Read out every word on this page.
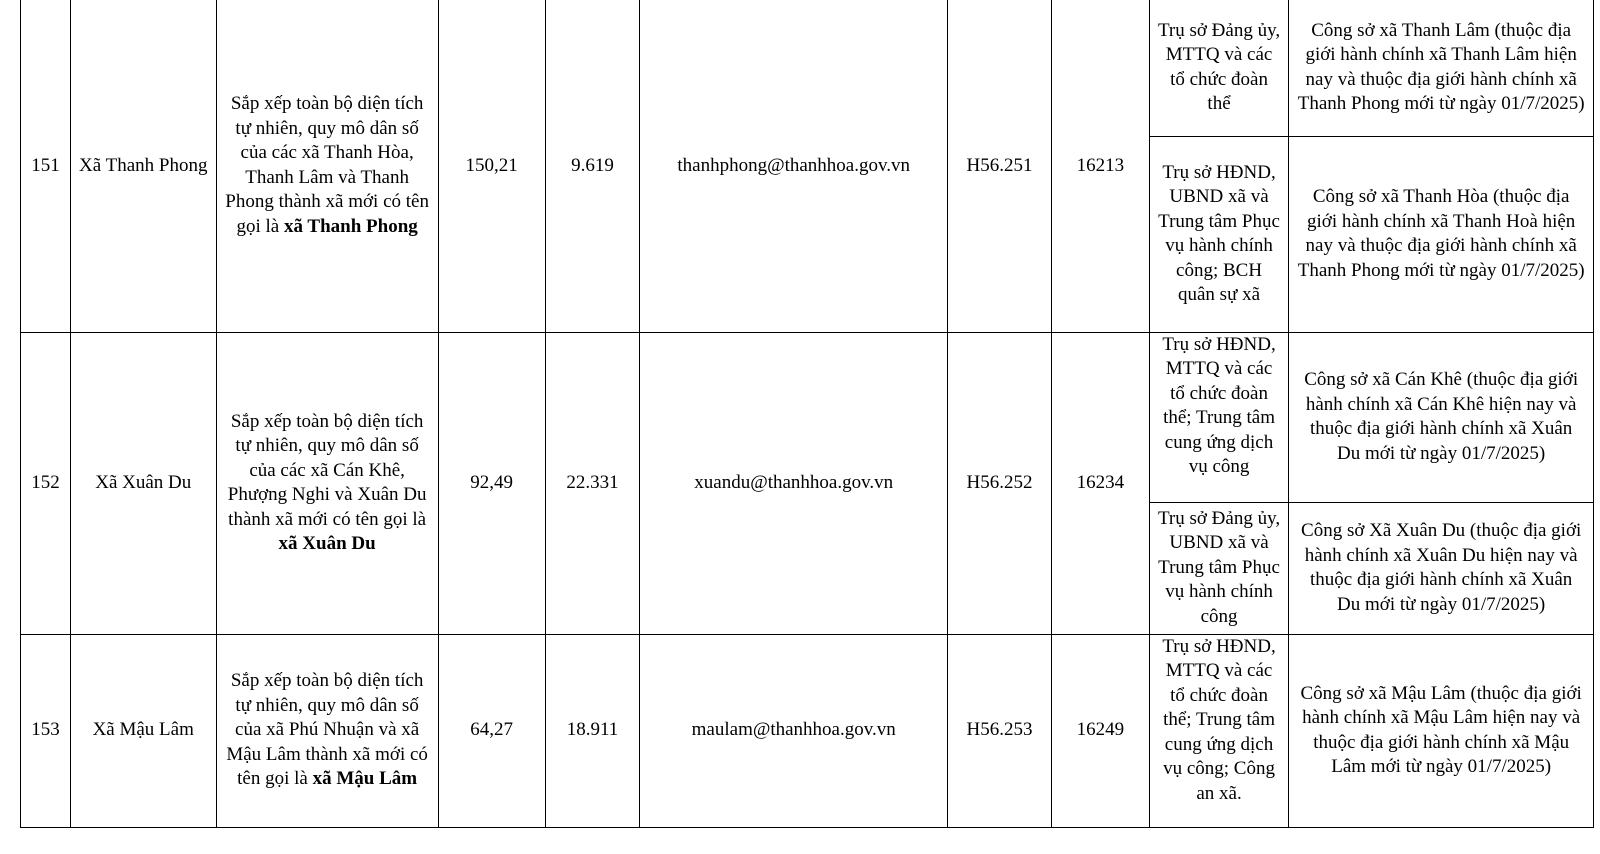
151	Xã Thanh Phong	Sắp xếp toàn bộ diện tích tự nhiên, quy mô dân số của các xã Thanh Hòa, Thanh Lâm và Thanh Phong thành xã mới có tên gọi là xã Thanh Phong	150,21	9.619	thanhphong@thanhhoa.gov.vn	H56.251	16213	Trụ sở Đảng ủy, MTTQ và các tổ chức đoàn thể	Công sở xã Thanh Lâm (thuộc địa giới hành chính xã Thanh Lâm hiện nay và thuộc địa giới hành chính xã Thanh Phong mới từ ngày 01/7/2025)
								Trụ sở HĐND, UBND xã và Trung tâm Phục vụ hành chính công; BCH quân sự xã	Công sở xã Thanh Hòa (thuộc địa giới hành chính xã Thanh Hoà hiện nay và thuộc địa giới hành chính xã Thanh Phong mới từ ngày 01/7/2025)
152	Xã Xuân Du	Sắp xếp toàn bộ diện tích tự nhiên, quy mô dân số của các xã Cán Khê, Phượng Nghi và Xuân Du thành xã mới có tên gọi là xã Xuân Du	92,49	22.331	xuandu@thanhhoa.gov.vn	H56.252	16234	Trụ sở HĐND, MTTQ và các tổ chức đoàn thể; Trung tâm cung ứng dịch vụ công	Công sở xã Cán Khê (thuộc địa giới hành chính xã Cán Khê hiện nay và thuộc địa giới hành chính xã Xuân Du mới từ ngày 01/7/2025)
								Trụ sở Đảng ủy, UBND xã và Trung tâm Phục vụ hành chính công	Công sở Xã Xuân Du (thuộc địa giới hành chính xã Xuân Du hiện nay và thuộc địa giới hành chính xã Xuân Du mới từ ngày 01/7/2025)
153	Xã Mậu Lâm	Sắp xếp toàn bộ diện tích tự nhiên, quy mô dân số của xã Phú Nhuận và xã Mậu Lâm thành xã mới có tên gọi là xã Mậu Lâm	64,27	18.911	maulam@thanhhoa.gov.vn	H56.253	16249	Trụ sở HĐND, MTTQ và các tổ chức đoàn thể; Trung tâm cung ứng dịch vụ công; Công an xã.	Công sở xã Mậu Lâm (thuộc địa giới hành chính xã Mậu Lâm hiện nay và thuộc địa giới hành chính xã Mậu Lâm mới từ ngày 01/7/2025)
